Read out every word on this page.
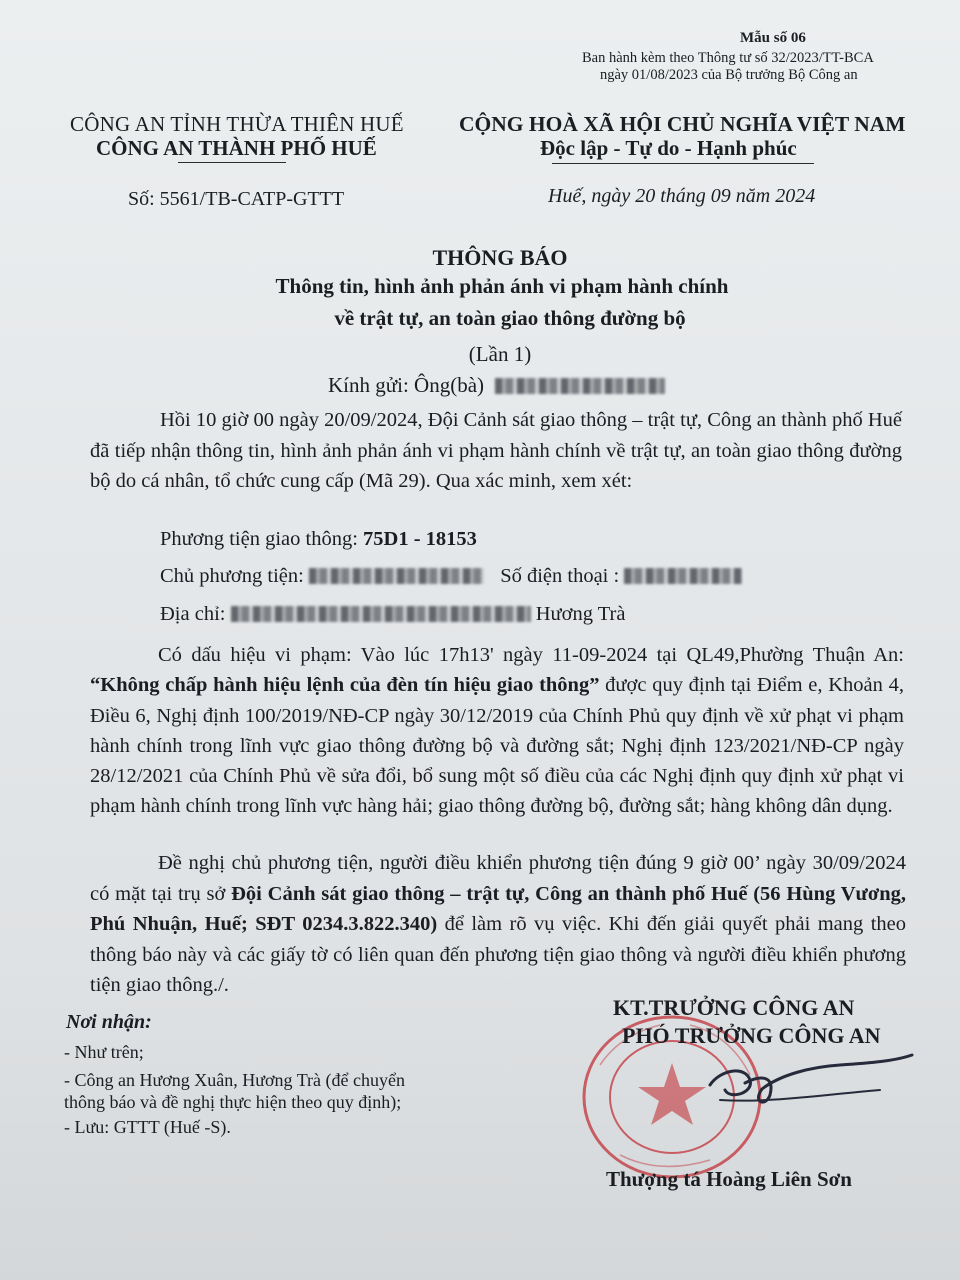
Mẫu số 06
Ban hành kèm theo Thông tư số 32/2023/TT-BCA
ngày 01/08/2023 của Bộ trưởng Bộ Công an
CÔNG AN TỈNH THỪA THIÊN HUẾ
CÔNG AN THÀNH PHỐ HUẾ
Số: 5561/TB-CATP-GTTT
CỘNG HOÀ XÃ HỘI CHỦ NGHĨA VIỆT NAM
Độc lập - Tự do - Hạnh phúc
Huế, ngày 20 tháng 09 năm 2024
THÔNG BÁO
Thông tin, hình ảnh phản ánh vi phạm hành chính
về trật tự, an toàn giao thông đường bộ
(Lần 1)
Kính gửi: Ông(bà)
Hồi 10 giờ 00 ngày 20/09/2024, Đội Cảnh sát giao thông – trật tự, Công an thành phố Huế đã tiếp nhận thông tin, hình ảnh phản ánh vi phạm hành chính về trật tự, an toàn giao thông đường bộ do cá nhân, tổ chức cung cấp (Mã 29). Qua xác minh, xem xét:
Phương tiện giao thông: 75D1 - 18153
Chủ phương tiện:	Số điện thoại :
Địa chỉ:	Hương Trà
Có dấu hiệu vi phạm: Vào lúc 17h13' ngày 11-09-2024 tại QL49,Phường Thuận An: “Không chấp hành hiệu lệnh của đèn tín hiệu giao thông” được quy định tại Điểm e, Khoản 4, Điều 6, Nghị định 100/2019/NĐ-CP ngày 30/12/2019 của Chính Phủ quy định về xử phạt vi phạm hành chính trong lĩnh vực giao thông đường bộ và đường sắt; Nghị định 123/2021/NĐ-CP ngày 28/12/2021 của Chính Phủ về sửa đổi, bổ sung một số điều của các Nghị định quy định xử phạt vi phạm hành chính trong lĩnh vực hàng hải; giao thông đường bộ, đường sắt; hàng không dân dụng.
Đề nghị chủ phương tiện, người điều khiển phương tiện đúng 9 giờ 00’ ngày 30/09/2024 có mặt tại trụ sở Đội Cảnh sát giao thông – trật tự, Công an thành phố Huế (56 Hùng Vương, Phú Nhuận, Huế; SĐT 0234.3.822.340) để làm rõ vụ việc. Khi đến giải quyết phải mang theo thông báo này và các giấy tờ có liên quan đến phương tiện giao thông và người điều khiển phương tiện giao thông./.
Nơi nhận:
- Như trên;
- Công an Hương Xuân, Hương Trà (để chuyển
thông báo và đề nghị thực hiện theo quy định);
- Lưu: GTTT (Huế -S).
KT.TRƯỞNG CÔNG AN
PHÓ TRƯỞNG CÔNG AN
Thượng tá Hoàng Liên Sơn
